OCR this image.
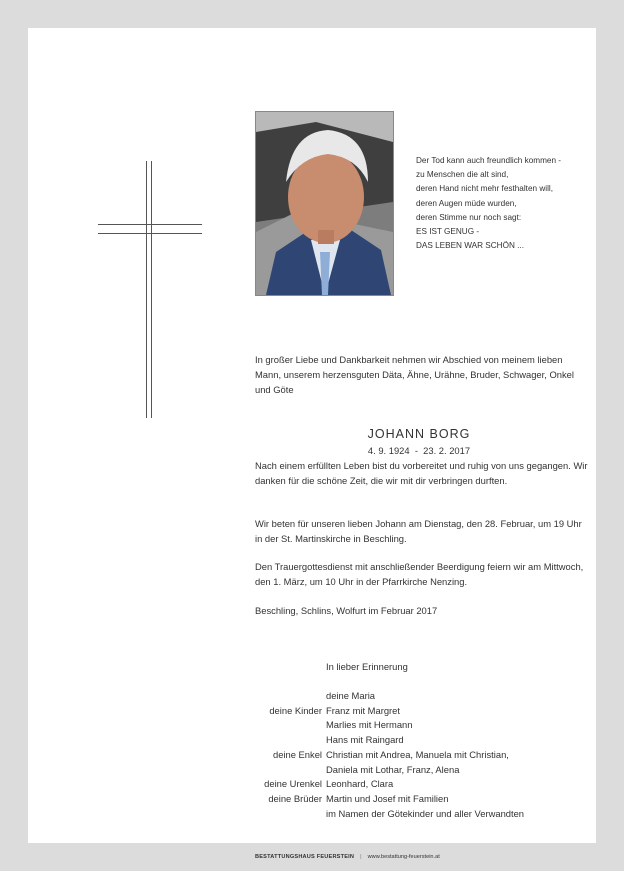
Der Tod kann auch freundlich kommen -
zu Menschen die alt sind,
deren Hand nicht mehr festhalten will,
deren Augen müde wurden,
deren Stimme nur noch sagt:
ES IST GENUG -
DAS LEBEN WAR SCHÖN ...
In großer Liebe und Dankbarkeit nehmen wir Abschied von meinem lieben Mann, unserem herzensguten Däta, Ähne, Urähne, Bruder, Schwager, Onkel und Göte
JOHANN BORG
4. 9. 1924  -  23. 2. 2017
Nach einem erfüllten Leben bist du vorbereitet und ruhig von uns gegangen. Wir danken für die schöne Zeit, die wir mit dir verbringen durften.
Wir beten für unseren lieben Johann am Dienstag, den 28. Februar, um 19 Uhr in der St. Martinskirche in Beschling.
Den Trauergottesdienst mit anschließender Beerdigung feiern wir am Mittwoch, den 1. März, um 10 Uhr in der Pfarrkirche Nenzing.
Beschling, Schlins, Wolfurt im Februar 2017
In lieber Erinnerung
deine Maria
deine Kinder Franz mit Margret
Marlies mit Hermann
Hans mit Raingard
deine Enkel Christian mit Andrea, Manuela mit Christian,
Daniela mit Lothar, Franz, Alena
deine Urenkel Leonhard, Clara
deine Brüder Martin und Josef mit Familien
im Namen der Götekinder und aller Verwandten
BESTATTUNGSHAUS FEUERSTEIN | www.bestattung-feuerstein.at
